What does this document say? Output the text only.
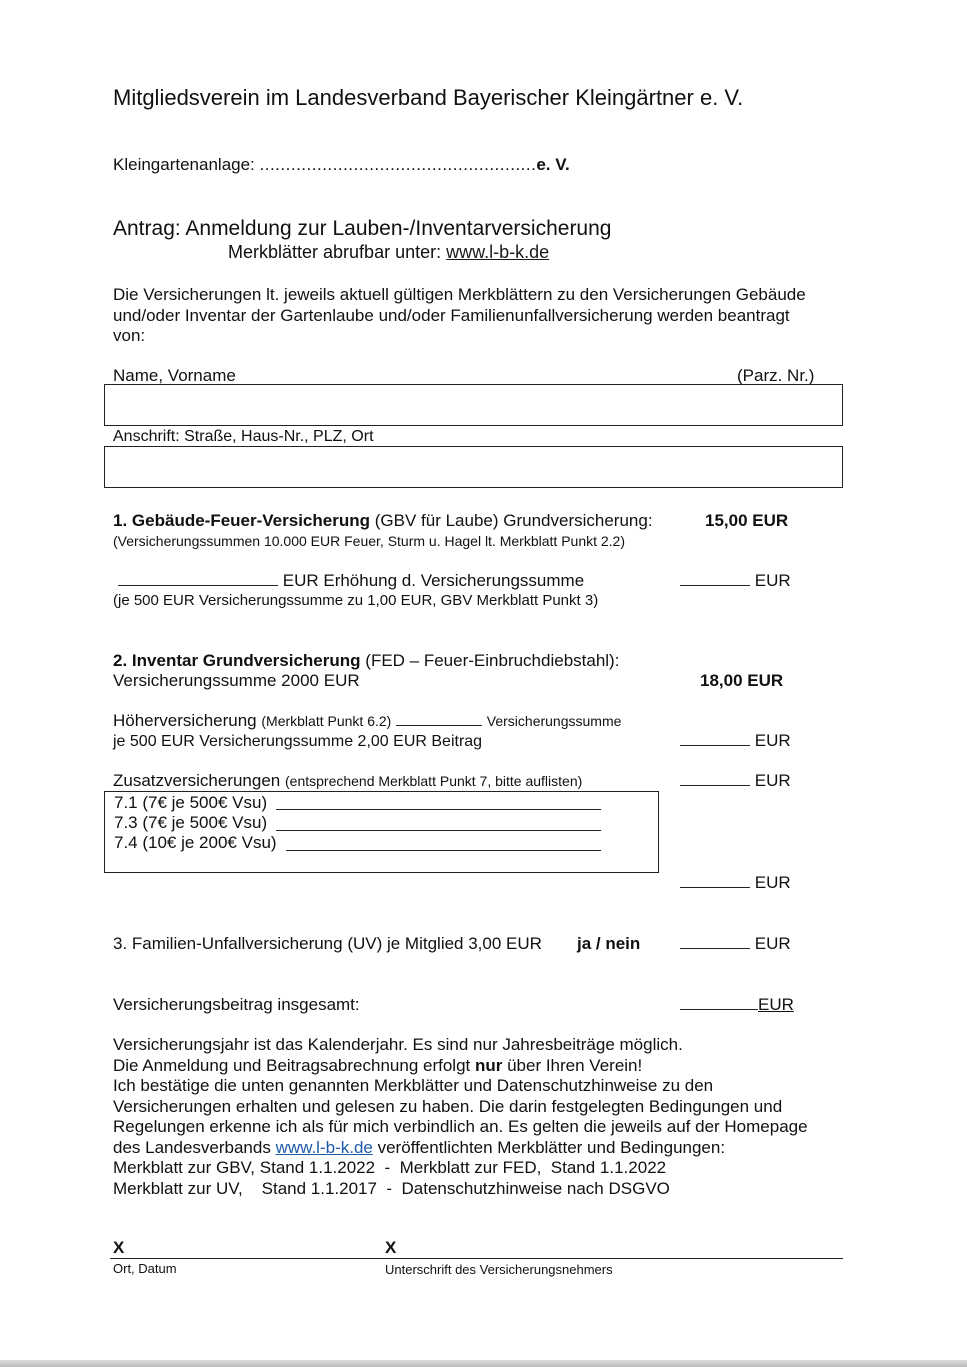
Mitgliedsverein im Landesverband Bayerischer Kleingärtner e. V.
Kleingartenanlage: .....................................................e. V.
Antrag: Anmeldung zur Lauben-/Inventarversicherung
Merkblätter abrufbar unter: www.l-b-k.de
Die Versicherungen lt. jeweils aktuell gültigen Merkblättern zu den Versicherungen Gebäude
und/oder Inventar der Gartenlaube und/oder Familienunfallversicherung werden beantragt
von:
Name, Vorname	(Parz. Nr.)
Anschrift: Straße, Haus-Nr., PLZ, Ort
1. Gebäude-Feuer-Versicherung (GBV für Laube) Grundversicherung:	15,00 EUR
(Versicherungssummen 10.000 EUR Feuer, Sturm u. Hagel lt. Merkblatt Punkt 2.2)
EUR Erhöhung d. Versicherungssumme	EUR
(je 500 EUR Versicherungssumme zu 1,00 EUR, GBV Merkblatt Punkt 3)
2. Inventar Grundversicherung (FED – Feuer-Einbruchdiebstahl):
Versicherungssumme 2000 EUR	18,00 EUR
Höherversicherung (Merkblatt Punkt 6.2)	Versicherungssumme
je 500 EUR Versicherungssumme 2,00 EUR Beitrag	EUR
Zusatzversicherungen (entsprechend Merkblatt Punkt 7, bitte auflisten)	EUR
7.1 (7€ je 500€ Vsu)
7.3 (7€ je 500€ Vsu)
7.4 (10€ je 200€ Vsu)
EUR
3. Familien-Unfallversicherung (UV) je Mitglied 3,00 EUR ja / nein	EUR
Versicherungsbeitrag insgesamt:	EUR
Versicherungsjahr ist das Kalenderjahr. Es sind nur Jahresbeiträge möglich.
Die Anmeldung und Beitragsabrechnung erfolgt nur über Ihren Verein!
Ich bestätige die unten genannten Merkblätter und Datenschutzhinweise zu den
Versicherungen erhalten und gelesen zu haben. Die darin festgelegten Bedingungen und
Regelungen erkenne ich als für mich verbindlich an. Es gelten die jeweils auf der Homepage
des Landesverbands www.l-b-k.de veröffentlichten Merkblätter und Bedingungen:
Merkblatt zur GBV, Stand 1.1.2022  -  Merkblatt zur FED,  Stand 1.1.2022
Merkblatt zur UV,    Stand 1.1.2017  -  Datenschutzhinweise nach DSGVO
X	X
Ort, Datum	Unterschrift des Versicherungsnehmers
